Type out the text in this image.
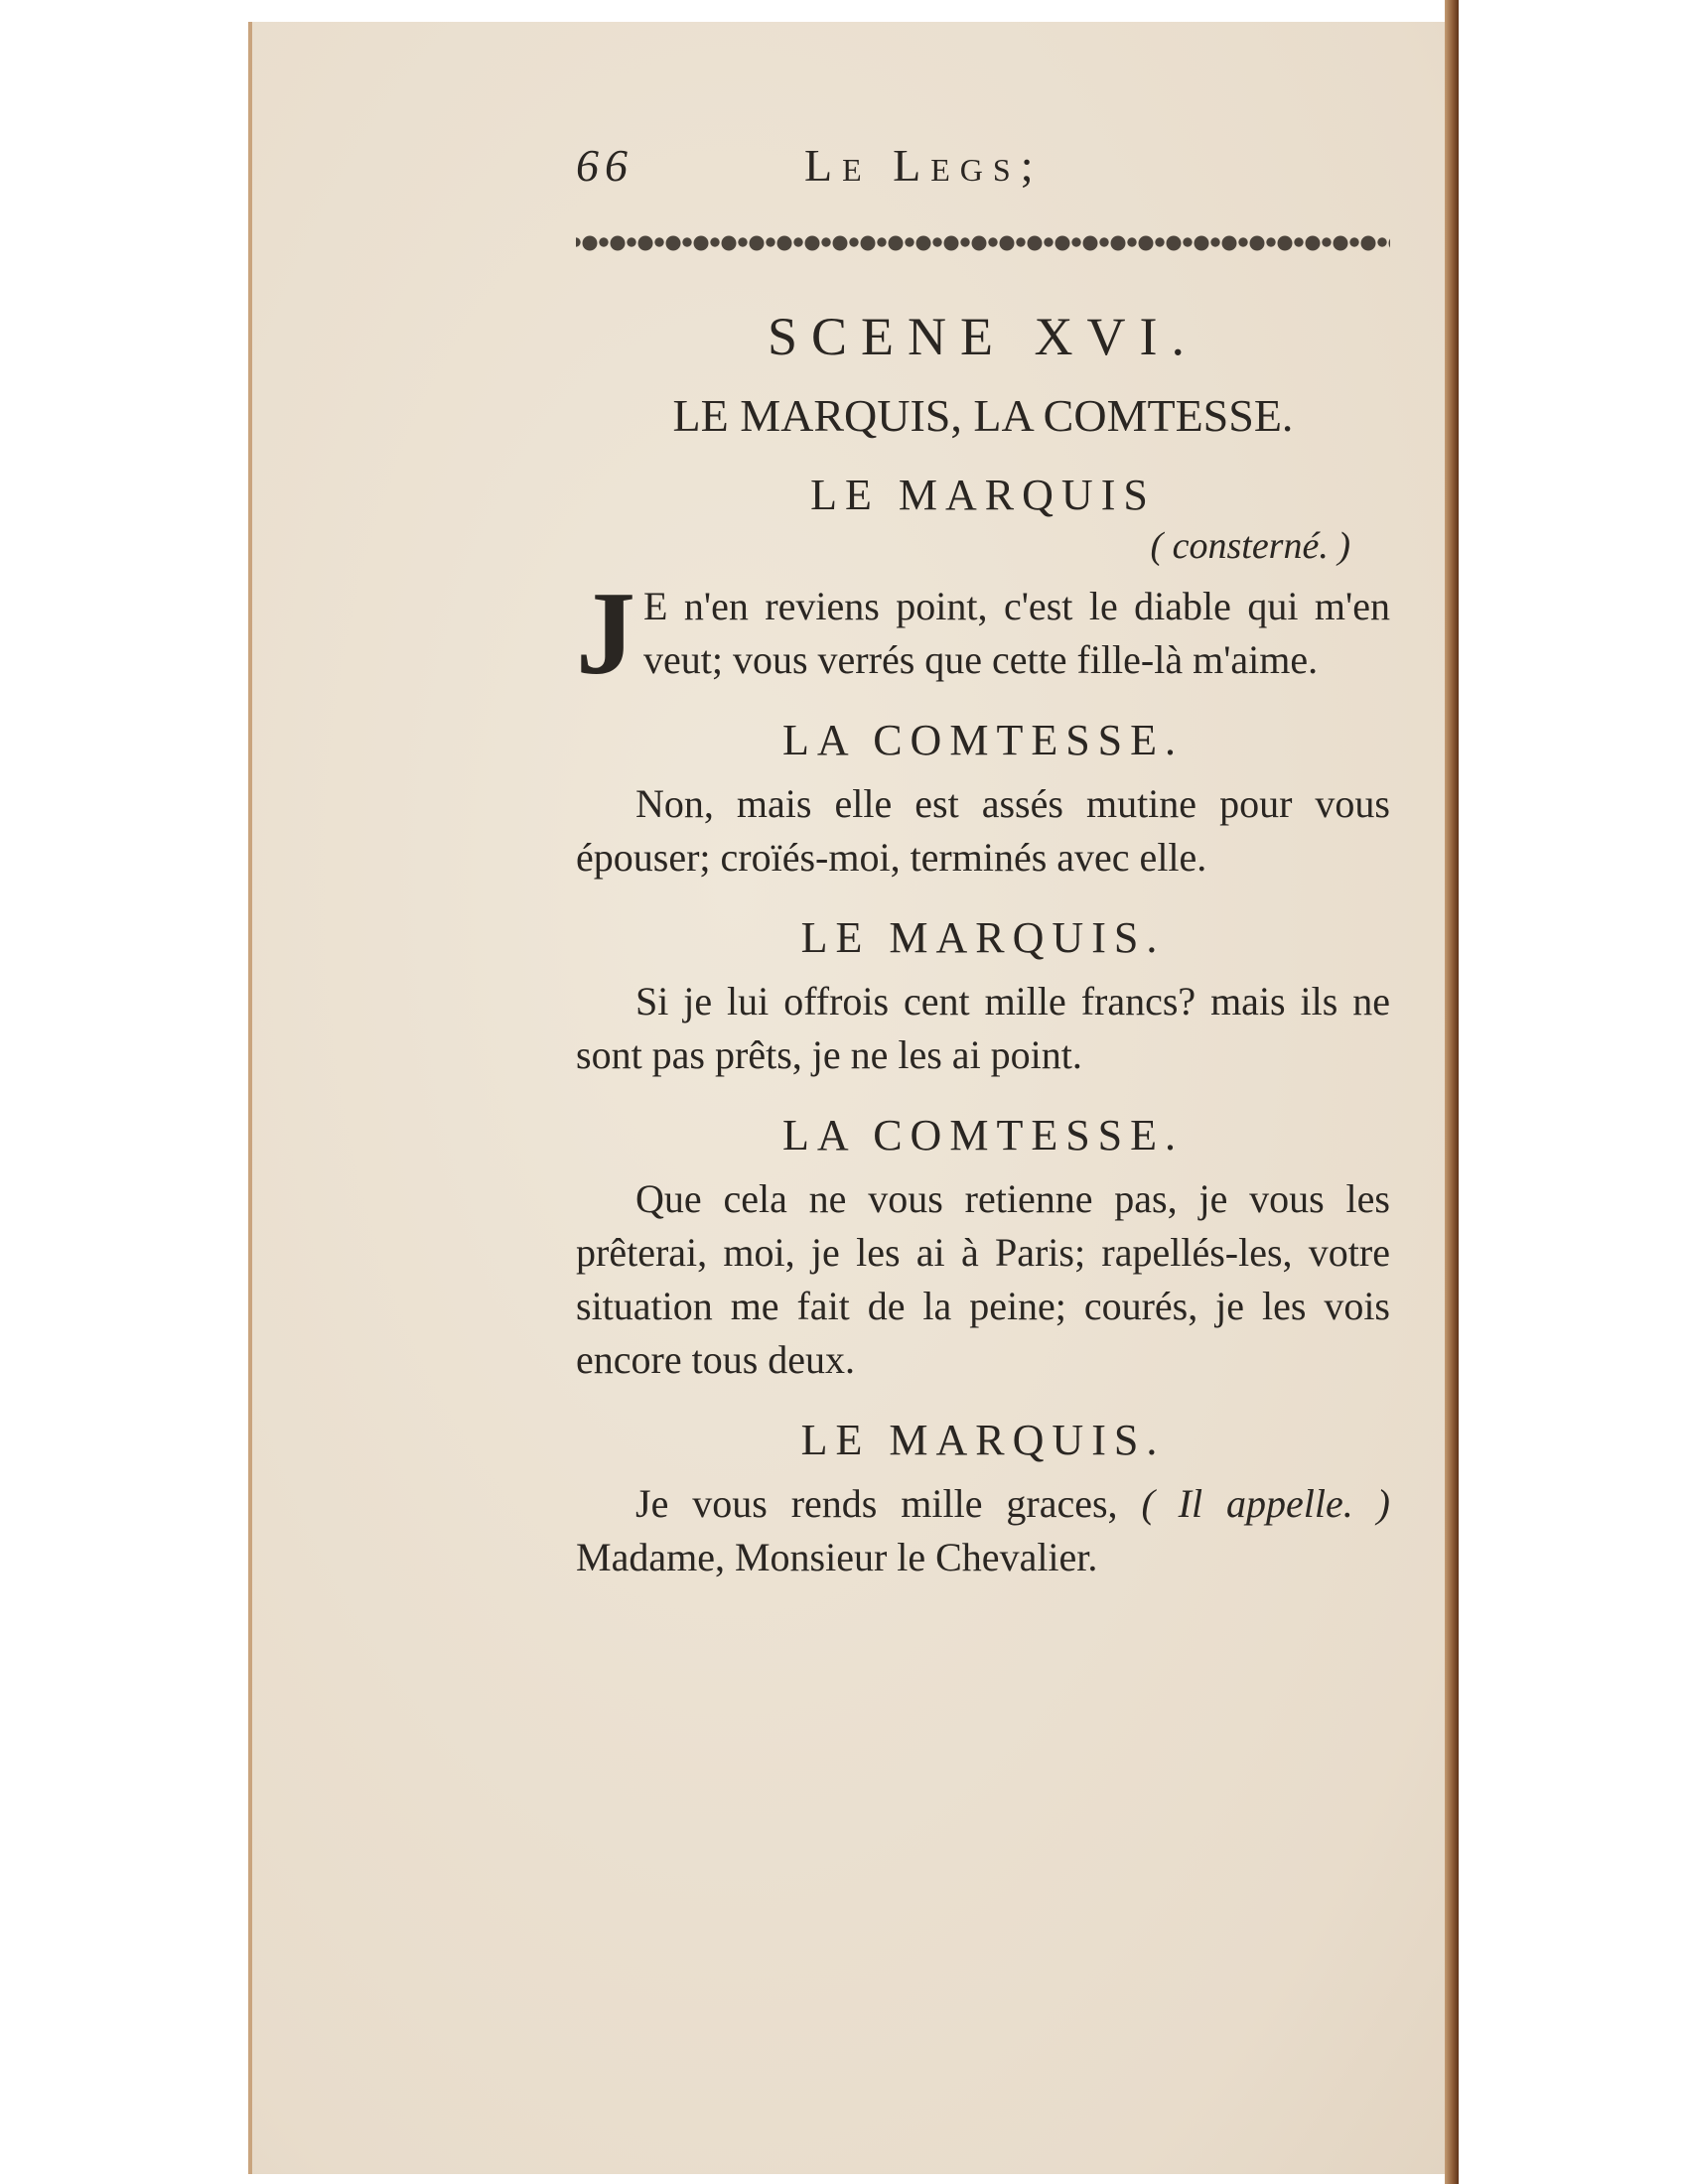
66	Le Legs;
SCENE XVI.
LE MARQUIS, LA COMTESSE.
LE MARQUIS
( consterné. )
J E n'en reviens point, c'est le diable qui m'en veut; vous verrés que cette fille-là m'aime.
LA COMTESSE.
Non, mais elle est assés mutine pour vous épouser; croïés-moi, terminés avec elle.
LE MARQUIS.
Si je lui offrois cent mille francs? mais ils ne sont pas prêts, je ne les ai point.
LA COMTESSE.
Que cela ne vous retienne pas, je vous les prêterai, moi, je les ai à Paris; rapellés-les, votre situation me fait de la peine; courés, je les vois encore tous deux.
LE MARQUIS.
Je vous rends mille graces, ( Il appelle. ) Madame, Monsieur le Chevalier.
